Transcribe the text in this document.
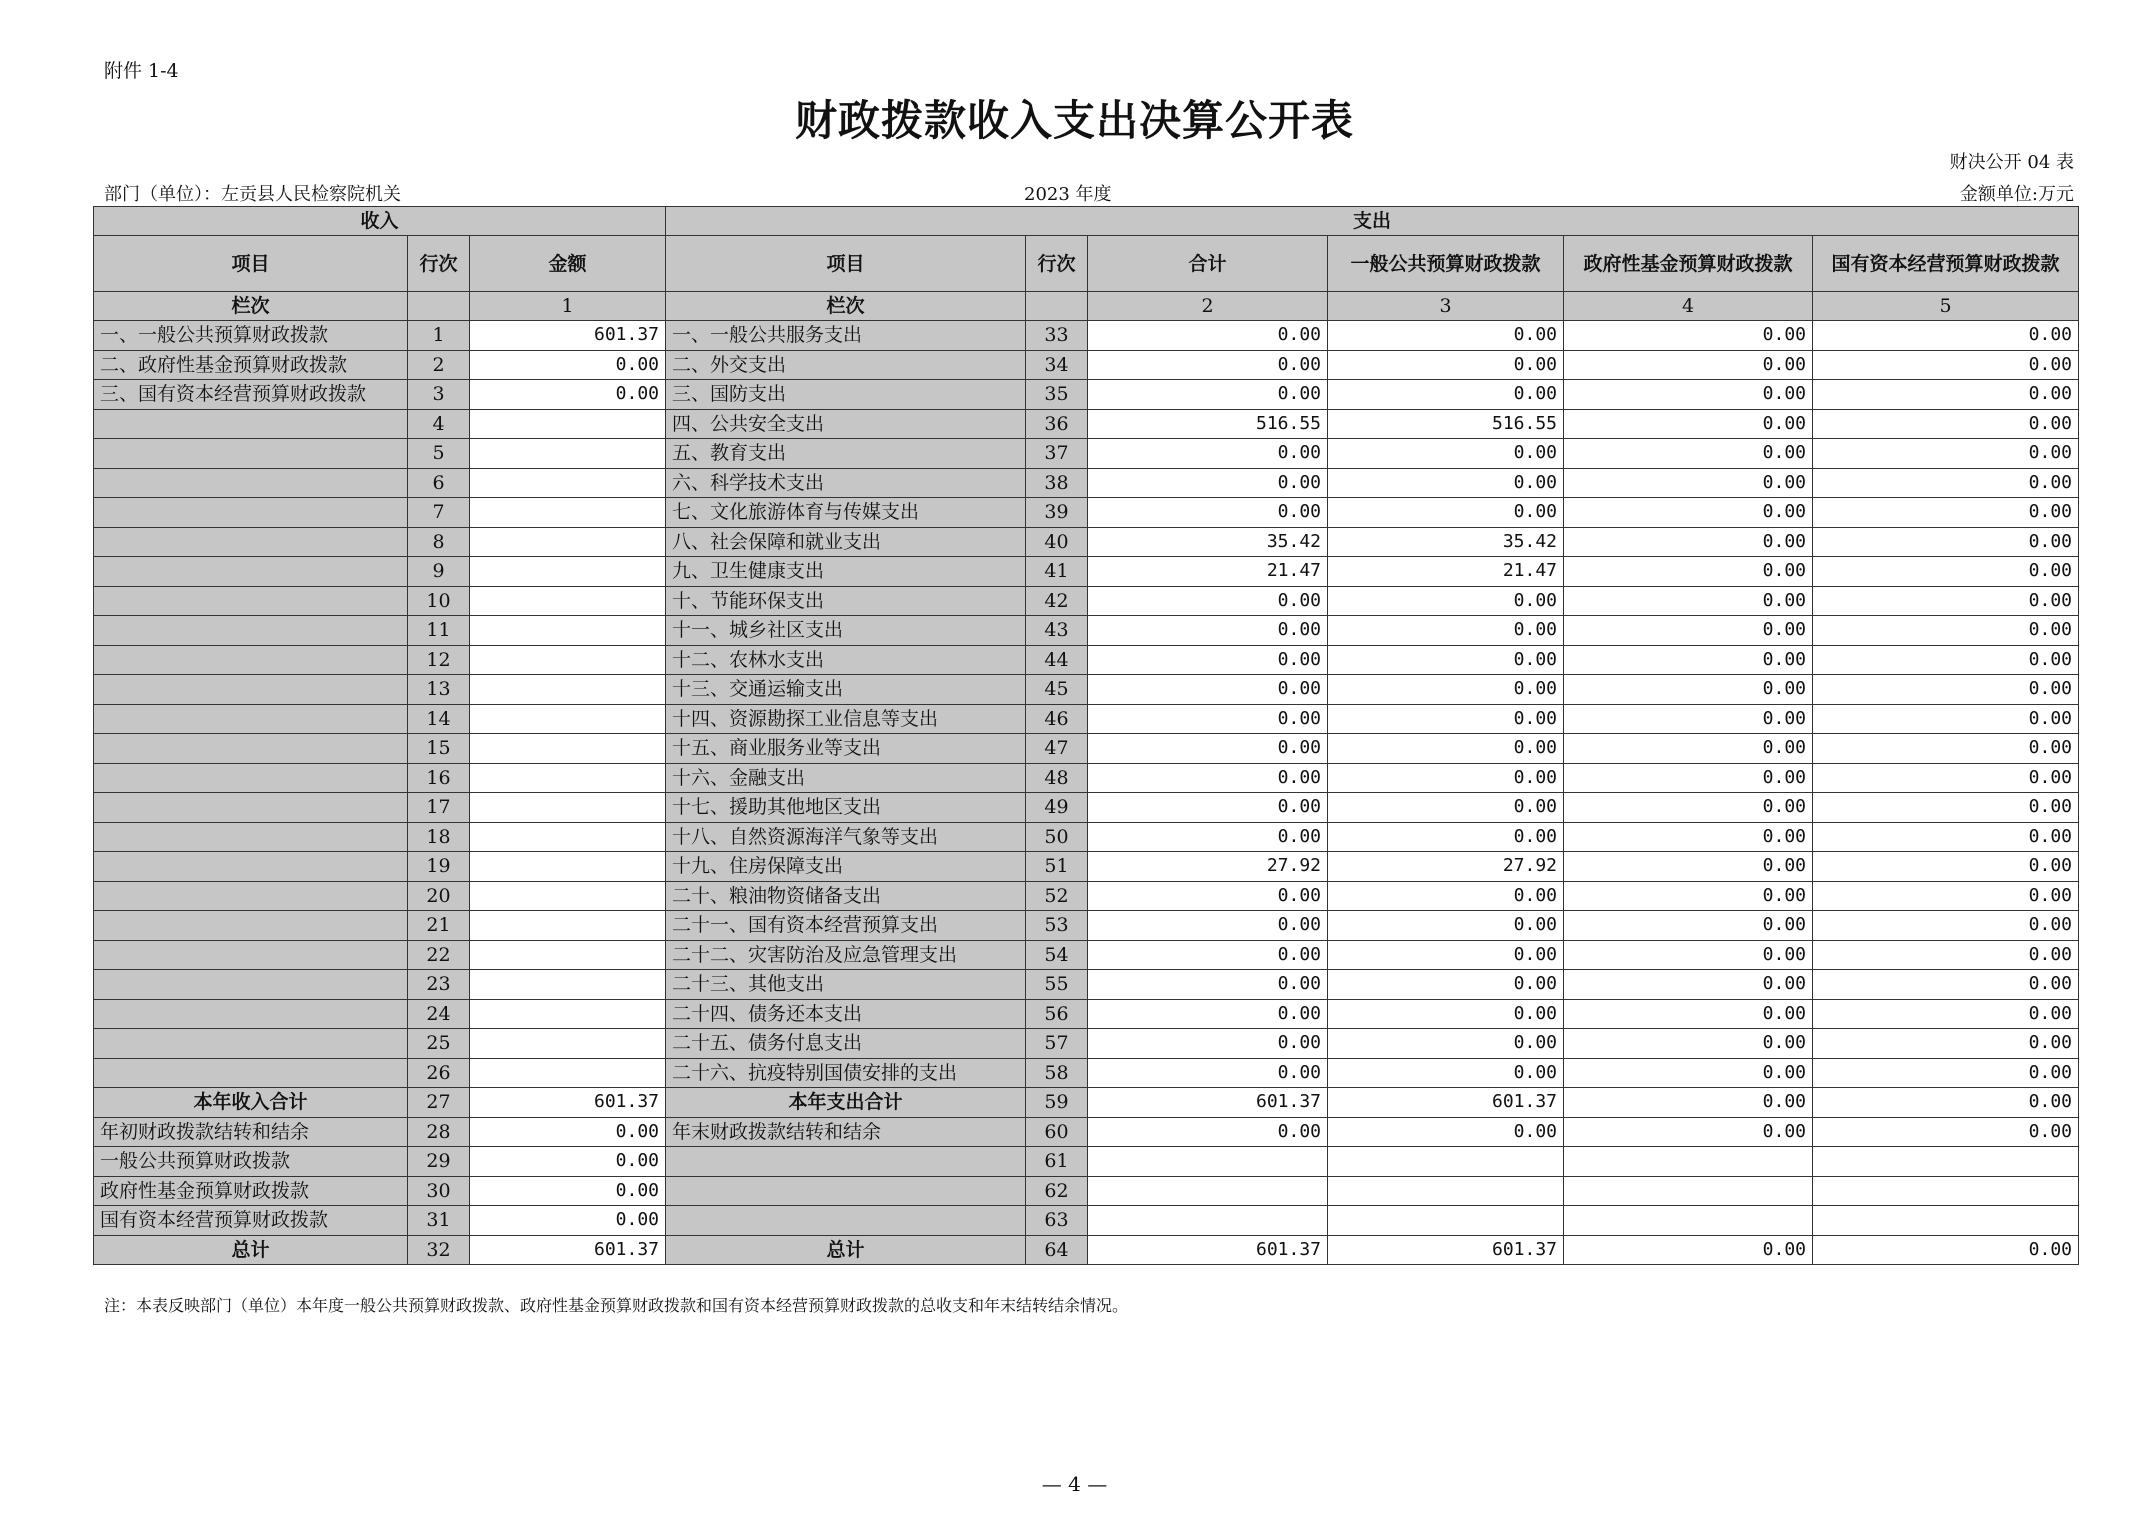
附件 1-4
财政拨款收入支出决算公开表
财决公开 04 表
部门（单位）：左贡县人民检察院机关	2023 年度	金额单位:万元
收入			支出					
项目	行次	金额	项目	行次	合计	一般公共预算财政拨款	政府性基金预算财政拨款	国有资本经营预算财政拨款
栏次		1	栏次		2	3	4	5
一、一般公共预算财政拨款	1	601.37	一、一般公共服务支出	33	0.00	0.00	0.00	0.00
二、政府性基金预算财政拨款	2	0.00	二、外交支出	34	0.00	0.00	0.00	0.00
三、国有资本经营预算财政拨款	3	0.00	三、国防支出	35	0.00	0.00	0.00	0.00
	4		四、公共安全支出	36	516.55	516.55	0.00	0.00
	5		五、教育支出	37	0.00	0.00	0.00	0.00
	6		六、科学技术支出	38	0.00	0.00	0.00	0.00
	7		七、文化旅游体育与传媒支出	39	0.00	0.00	0.00	0.00
	8		八、社会保障和就业支出	40	35.42	35.42	0.00	0.00
	9		九、卫生健康支出	41	21.47	21.47	0.00	0.00
	10		十、节能环保支出	42	0.00	0.00	0.00	0.00
	11		十一、城乡社区支出	43	0.00	0.00	0.00	0.00
	12		十二、农林水支出	44	0.00	0.00	0.00	0.00
	13		十三、交通运输支出	45	0.00	0.00	0.00	0.00
	14		十四、资源勘探工业信息等支出	46	0.00	0.00	0.00	0.00
	15		十五、商业服务业等支出	47	0.00	0.00	0.00	0.00
	16		十六、金融支出	48	0.00	0.00	0.00	0.00
	17		十七、援助其他地区支出	49	0.00	0.00	0.00	0.00
	18		十八、自然资源海洋气象等支出	50	0.00	0.00	0.00	0.00
	19		十九、住房保障支出	51	27.92	27.92	0.00	0.00
	20		二十、粮油物资储备支出	52	0.00	0.00	0.00	0.00
	21		二十一、国有资本经营预算支出	53	0.00	0.00	0.00	0.00
	22		二十二、灾害防治及应急管理支出	54	0.00	0.00	0.00	0.00
	23		二十三、其他支出	55	0.00	0.00	0.00	0.00
	24		二十四、债务还本支出	56	0.00	0.00	0.00	0.00
	25		二十五、债务付息支出	57	0.00	0.00	0.00	0.00
	26		二十六、抗疫特别国债安排的支出	58	0.00	0.00	0.00	0.00
本年收入合计	27	601.37	本年支出合计	59	601.37	601.37	0.00	0.00
年初财政拨款结转和结余	28	0.00	年末财政拨款结转和结余	60	0.00	0.00	0.00	0.00
一般公共预算财政拨款	29	0.00		61				
政府性基金预算财政拨款	30	0.00		62				
国有资本经营预算财政拨款	31	0.00		63				
总计	32	601.37	总计	64	601.37	601.37	0.00	0.00
注：本表反映部门（单位）本年度一般公共预算财政拨款、政府性基金预算财政拨款和国有资本经营预算财政拨款的总收支和年末结转结余情况。
— 4 —
